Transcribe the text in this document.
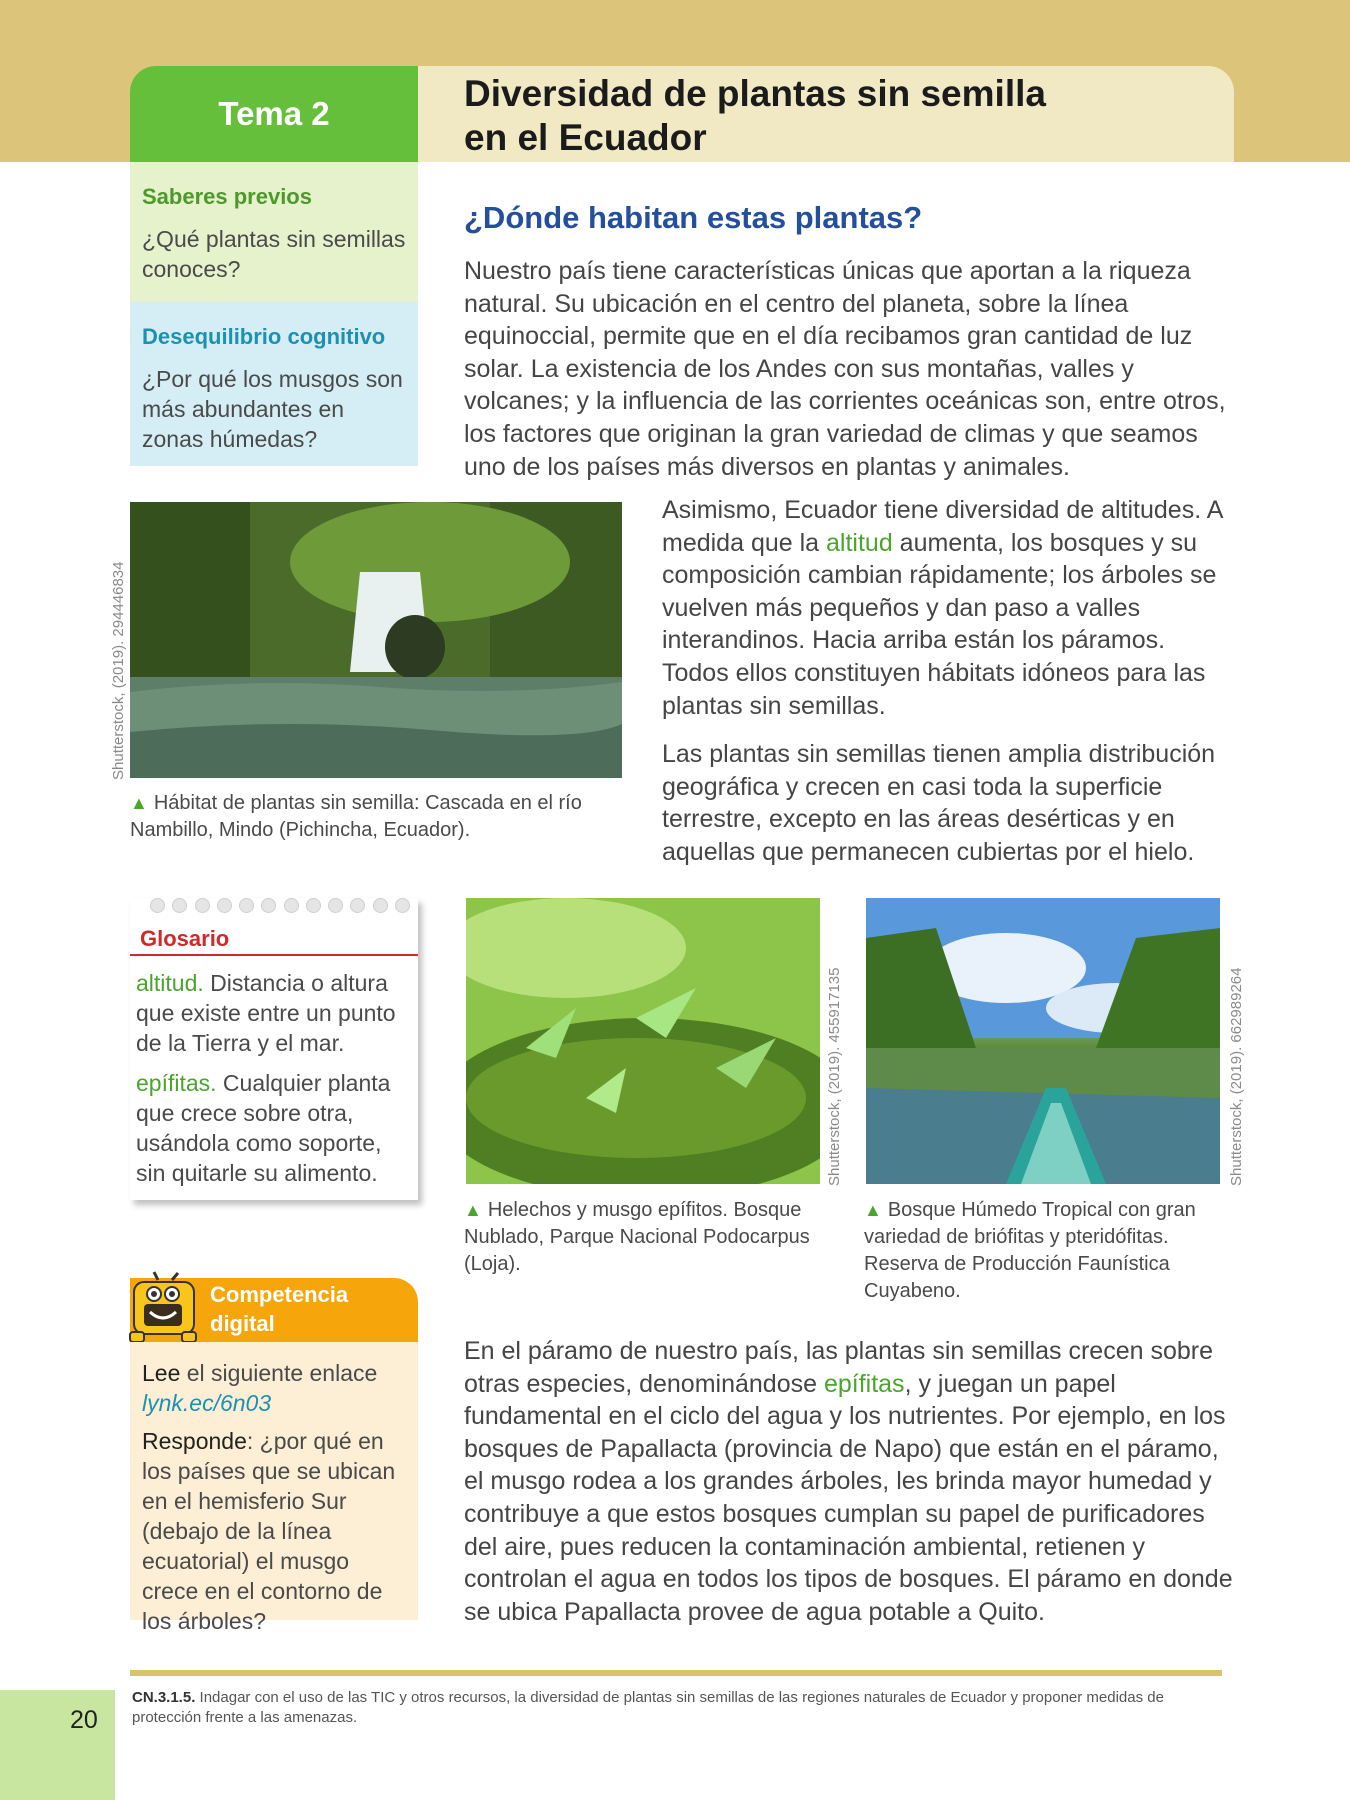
Tema 2	Diversidad de plantas sin semilla
en el Ecuador
Saberes previos
¿Qué plantas sin semillas conoces?
Desequilibrio cognitivo
¿Por qué los musgos son más abundantes en zonas húmedas?
¿Dónde habitan estas plantas?
Nuestro país tiene características únicas que aportan a la riqueza natural. Su ubicación en el centro del planeta, sobre la línea equinoccial, permite que en el día recibamos gran cantidad de luz solar. La existencia de los Andes con sus montañas, valles y volcanes; y la influencia de las corrientes oceánicas son, entre otros, los factores que originan la gran variedad de climas y que seamos uno de los países más diversos en plantas y animales.
Shutterstock, (2019). 294446834
▲ Hábitat de plantas sin semilla: Cascada en el río Nambillo, Mindo (Pichincha, Ecuador).
Asimismo, Ecuador tiene diversidad de altitudes. A medida que la altitud aumenta, los bosques y su composición cambian rápidamente; los árboles se vuelven más pequeños y dan paso a valles interandinos. Hacia arriba están los páramos. Todos ellos constituyen hábitats idóneos para las plantas sin semillas.
Las plantas sin semillas tienen amplia distribución geográfica y crecen en casi toda la superficie terrestre, excepto en las áreas desérticas y en aquellas que permanecen cubiertas por el hielo.
Glosario
altitud. Distancia o altura que existe entre un punto de la Tierra y el mar.
epífitas. Cualquier planta que crece sobre otra, usándola como soporte, sin quitarle su alimento.	Shutterstock, (2019). 455917135
▲ Helechos y musgo epífitos. Bosque Nublado, Parque Nacional Podocarpus (Loja).
Shutterstock, (2019). 662989264
▲ Bosque Húmedo Tropical con gran variedad de briófitas y pteridófitas. Reserva de Producción Faunística Cuyabeno.
Competencia
digital
Lee el siguiente enlace lynk.ec/6n03
Responde: ¿por qué en los países que se ubican en el hemisferio Sur (debajo de la línea ecuatorial) el musgo crece en el contorno de los árboles?
En el páramo de nuestro país, las plantas sin semillas crecen sobre otras especies, denominándose epífitas, y juegan un papel fundamental en el ciclo del agua y los nutrientes. Por ejemplo, en los bosques de Papallacta (provincia de Napo) que están en el páramo, el musgo rodea a los grandes árboles, les brinda mayor humedad y contribuye a que estos bosques cumplan su papel de purificadores del aire, pues reducen la contaminación ambiental, retienen y controlan el agua en todos los tipos de bosques. El páramo en donde se ubica Papallacta provee de agua potable a Quito.
CN.3.1.5. Indagar con el uso de las TIC y otros recursos, la diversidad de plantas sin semillas de las regiones naturales de Ecuador y proponer medidas de protección frente a las amenazas.
20
